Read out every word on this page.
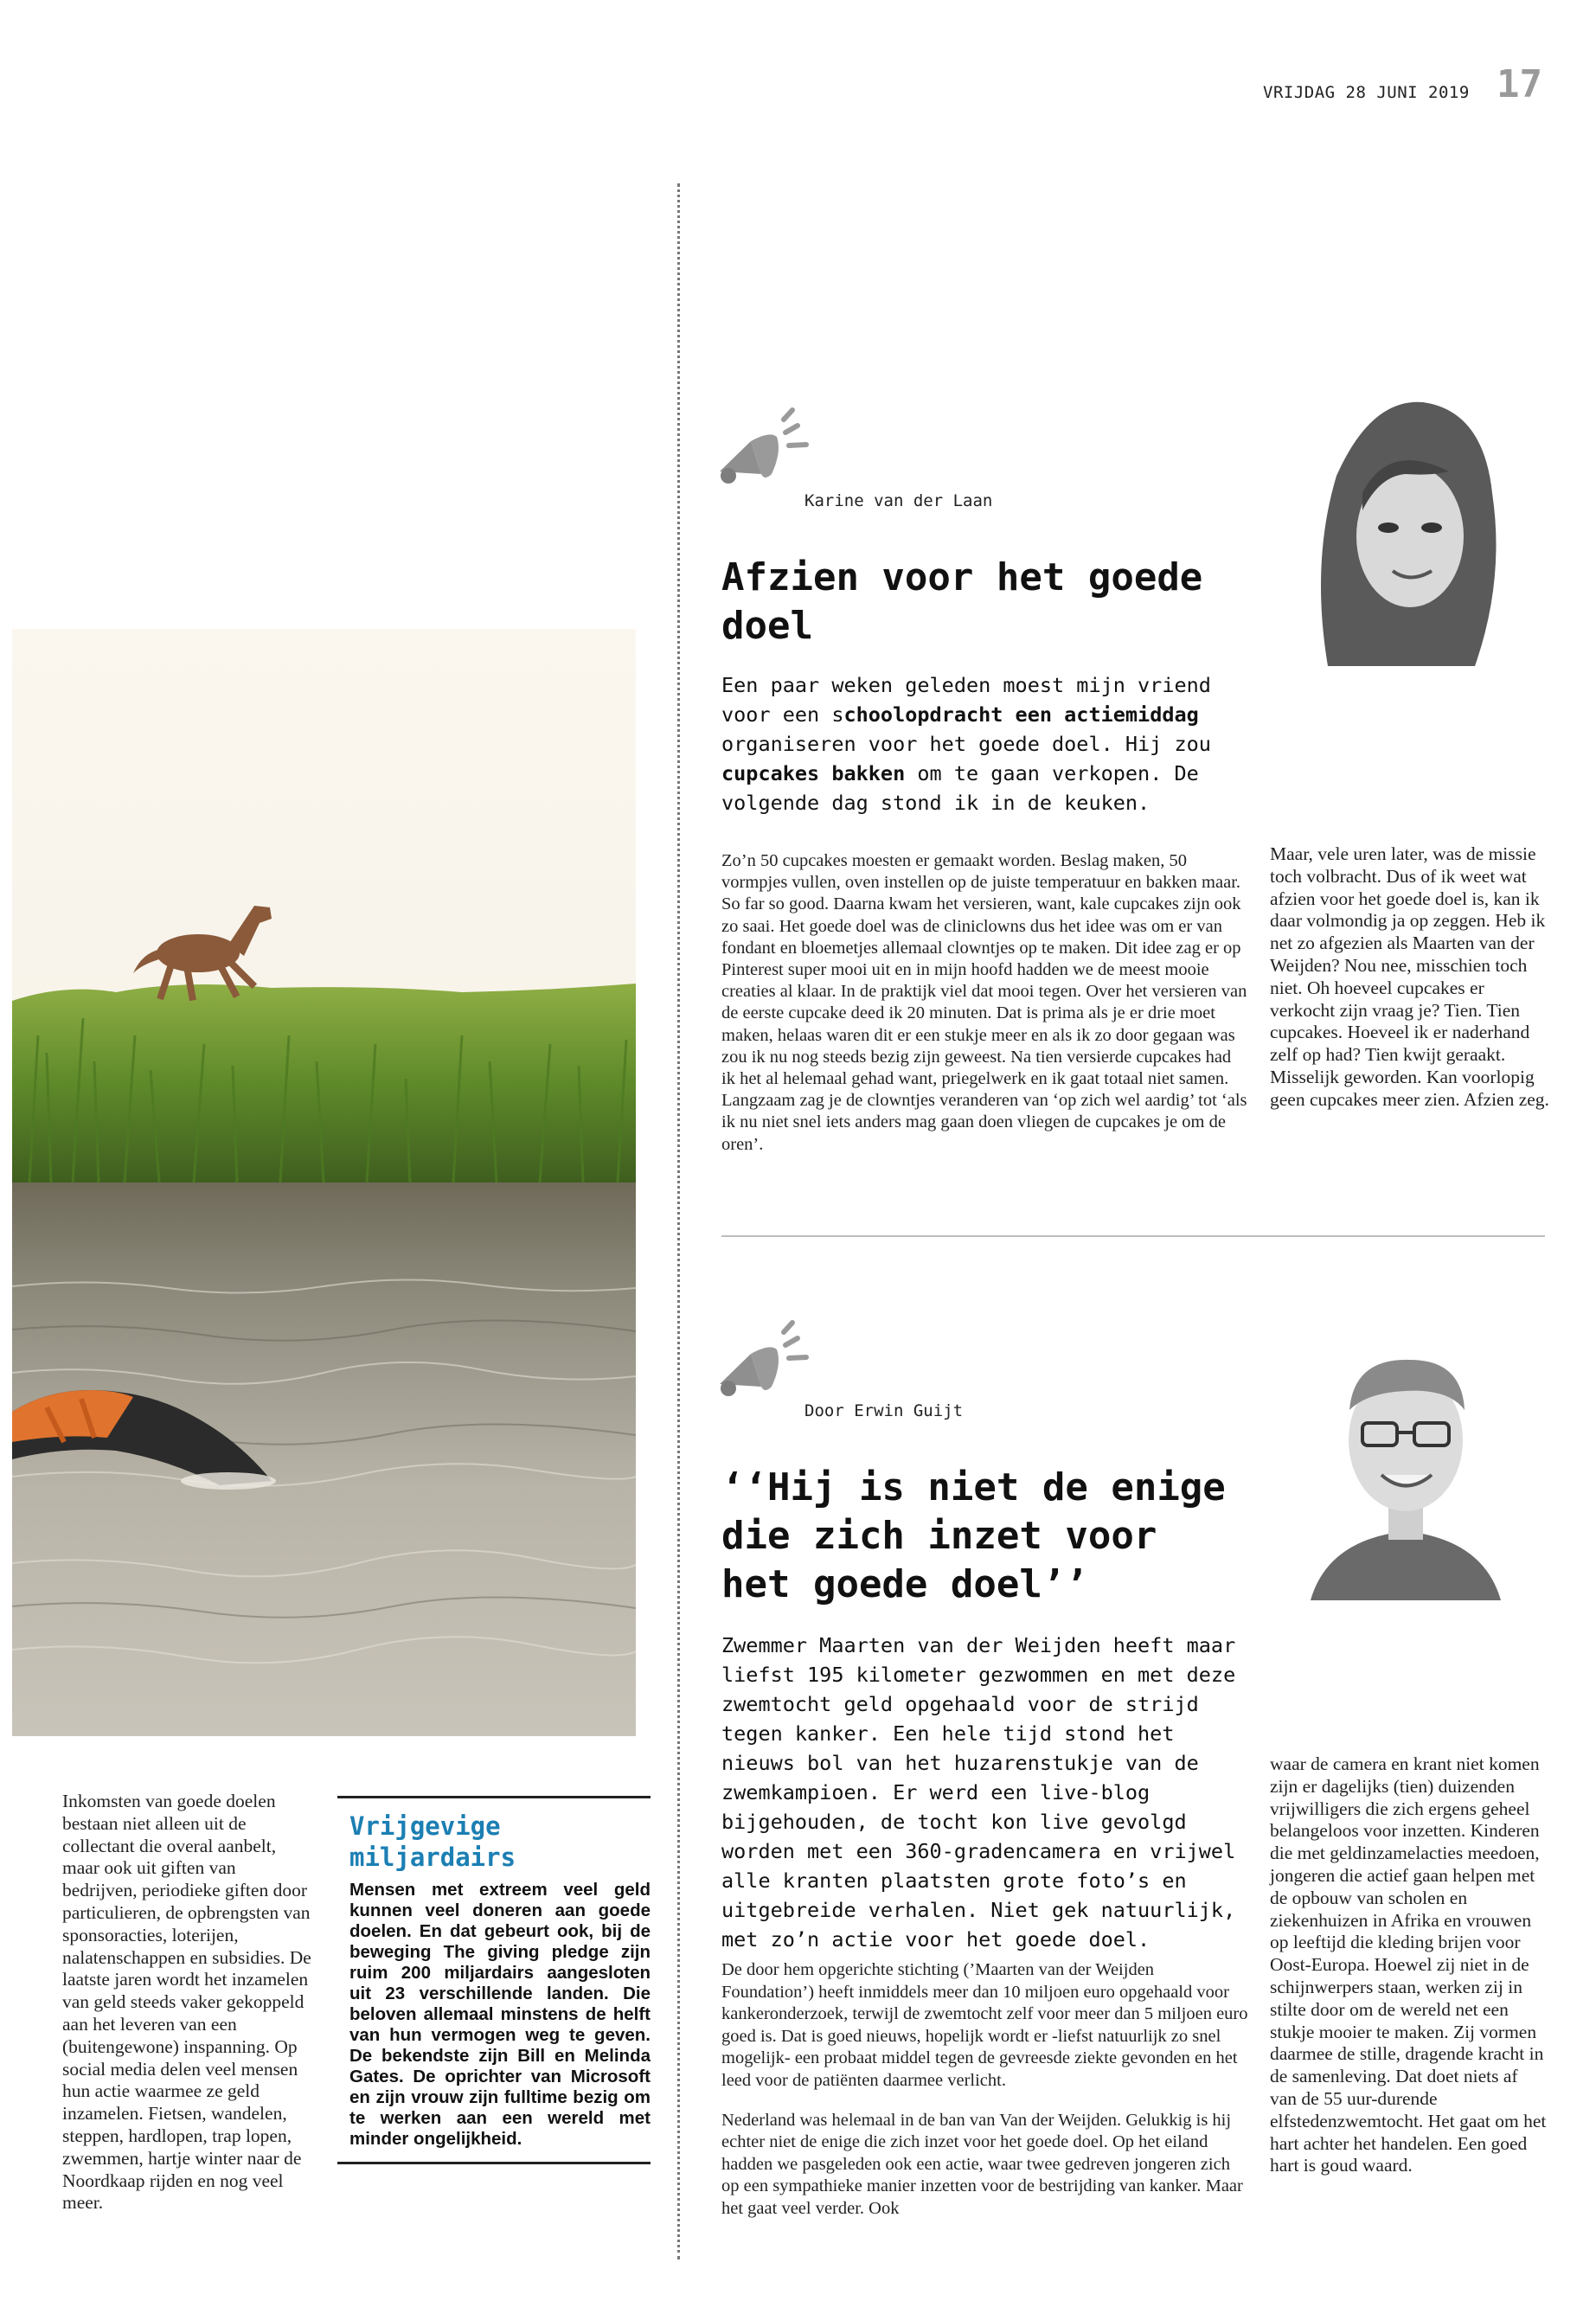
VRIJDAG 28 JUNI 2019 17
Inkomsten van goede doelen bestaan niet alleen uit de collectant die overal aanbelt, maar ook uit giften van bedrijven, periodieke giften door particulieren, de opbrengsten van sponsoracties, loterijen, nalatenschappen en subsidies. De laatste jaren wordt het inzamelen van geld steeds vaker gekoppeld aan het leveren van een (buitengewone) inspanning. Op social media delen veel mensen hun actie waarmee ze geld inzamelen. Fietsen, wandelen, steppen, hardlopen, trap lopen, zwemmen, hartje winter naar de Noordkaap rijden en nog veel meer.
Vrijgevige miljardairs
Mensen met extreem veel geld kunnen veel doneren aan goede doelen. En dat gebeurt ook, bij de beweging The giving pledge zijn ruim 200 miljardairs aangesloten uit 23 verschillende landen. Die beloven allemaal minstens de helft van hun vermogen weg te geven. De bekendste zijn Bill en Melinda Gates. De oprichter van Microsoft en zijn vrouw zijn fulltime bezig om te werken aan een wereld met minder ongelijkheid.
Karine van der Laan
Afzien voor het goede doel
Een paar weken geleden moest mijn vriend voor een schoolopdracht een actiemiddag organiseren voor het goede doel. Hij zou cupcakes bakken om te gaan verkopen. De volgende dag stond ik in de keuken.
Zo’n 50 cupcakes moesten er gemaakt worden. Beslag maken, 50 vormpjes vullen, oven instellen op de juiste temperatuur en bakken maar. So far so good. Daarna kwam het versieren, want, kale cupcakes zijn ook zo saai. Het goede doel was de cliniclowns dus het idee was om er van fondant en bloemetjes allemaal clowntjes op te maken. Dit idee zag er op Pinterest super mooi uit en in mijn hoofd hadden we de meest mooie creaties al klaar. In de praktijk viel dat mooi tegen. Over het versieren van de eerste cupcake deed ik 20 minuten. Dat is prima als je er drie moet maken, helaas waren dit er een stukje meer en als ik zo door gegaan was zou ik nu nog steeds bezig zijn geweest. Na tien versierde cupcakes had ik het al helemaal gehad want, priegelwerk en ik gaat totaal niet samen. Langzaam zag je de clowntjes veranderen van ‘op zich wel aardig’ tot ‘als ik nu niet snel iets anders mag gaan doen vliegen de cupcakes je om de oren’.
Maar, vele uren later, was de missie toch volbracht. Dus of ik weet wat afzien voor het goede doel is, kan ik daar volmondig ja op zeggen. Heb ik net zo afgezien als Maarten van der Weijden? Nou nee, misschien toch niet. Oh hoeveel cupcakes er verkocht zijn vraag je? Tien. Tien cupcakes. Hoeveel ik er naderhand zelf op had? Tien kwijt geraakt. Misselijk geworden. Kan voorlopig geen cupcakes meer zien. Afzien zeg.
Door Erwin Guijt
‘‘Hij is niet de enige die zich inzet voor het goede doel’’
Zwemmer Maarten van der Weijden heeft maar liefst 195 kilometer gezwommen en met deze zwemtocht geld opgehaald voor de strijd tegen kanker. Een hele tijd stond het nieuws bol van het huzarenstukje van de zwemkampioen. Er werd een live-blog bijgehouden, de tocht kon live gevolgd worden met een 360-gradencamera en vrijwel alle kranten plaatsten grote foto’s en uitgebreide verhalen. Niet gek natuurlijk, met zo’n actie voor het goede doel.
De door hem opgerichte stichting (’Maarten van der Weijden Foundation’) heeft inmiddels meer dan 10 miljoen euro opgehaald voor kankeronderzoek, terwijl de zwemtocht zelf voor meer dan 5 miljoen euro goed is. Dat is goed nieuws, hopelijk wordt er -liefst natuurlijk zo snel mogelijk- een probaat middel tegen de gevreesde ziekte gevonden en het leed voor de patiënten daarmee verlicht.
Nederland was helemaal in de ban van Van der Weijden. Gelukkig is hij echter niet de enige die zich inzet voor het goede doel. Op het eiland hadden we pasgeleden ook een actie, waar twee gedreven jongeren zich op een sympathieke manier inzetten voor de bestrijding van kanker. Maar het gaat veel verder. Ook
waar de camera en krant niet komen zijn er dagelijks (tien) duizenden vrijwilligers die zich ergens geheel belangeloos voor inzetten. Kinderen die met geldinzamelacties meedoen, jongeren die actief gaan helpen met de opbouw van scholen en ziekenhuizen in Afrika en vrouwen op leeftijd die kleding brijen voor Oost-Europa. Hoewel zij niet in de schijnwerpers staan, werken zij in stilte door om de wereld net een stukje mooier te maken. Zij vormen daarmee de stille, dragende kracht in de samenleving. Dat doet niets af van de 55 uur-durende elfstedenzwemtocht. Het gaat om het hart achter het handelen. Een goed hart is goud waard.
